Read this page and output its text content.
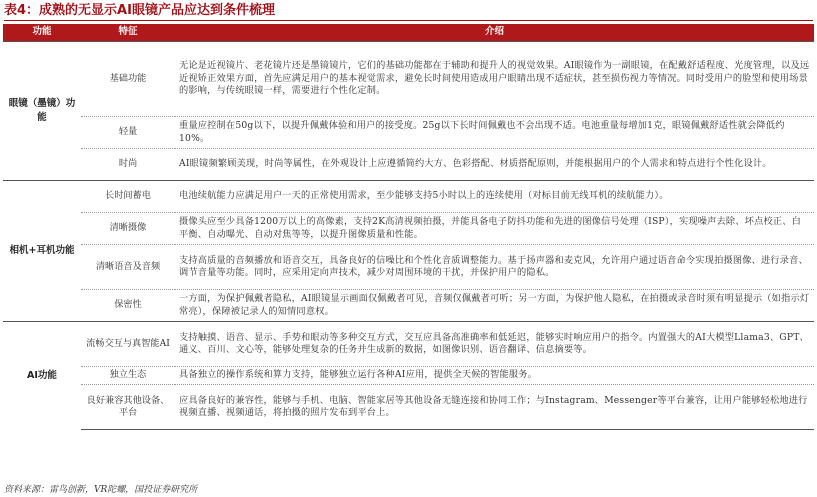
表4：成熟的无显示AI眼镜产品应达到条件梳理
功能	特征	介绍
眼镜（墨镜）功能	基础功能	无论是近视镜片、老花镜片还是墨镜镜片，它们的基础功能都在于辅助和提升人的视觉效果。AI眼镜作为一副眼镜，在配戴舒适程度、光度管理，以及远近视矫正效果方面，首先应满足用户的基本视觉需求，避免长时间使用造成用户眼睛出现不适症状，甚至损伤视力等情况。同时受用户的脸型和使用场景的影响，与传统眼镜一样，需要进行个性化定制。
	轻量	重量应控制在50g以下，以提升佩戴体验和用户的接受度。25g以下长时间佩戴也不会出现不适。电池重量每增加1克，眼镜佩戴舒适性就会降低约10%。
	时尚	AI眼镜频繁顾美现，时尚等属性，在外观设计上应遵循简约大方、色彩搭配、材质搭配原则，并能根据用户的个人需求和特点进行个性化设计。
相机+耳机功能	长时间蓄电	电池续航能力应满足用户一天的正常使用需求，至少能够支持5小时以上的连续使用（对标目前无线耳机的续航能力）。
	清晰摄像	摄像头应至少具备1200万以上的高像素，支持2K高清视频拍摄，并能具备电子防抖功能和先进的图像信号处理（ISP），实现噪声去除、坏点校正、白平衡、自动曝光、自动对焦等等，以提升图像质量和性能。
	清晰语音及音频	支持高质量的音频播放和语音交互，具备良好的信噪比和个性化音质调整能力。基于扬声器和麦克风，允许用户通过语音命令实现拍摄图像、进行录音、调节音量等功能。同时，应采用定向声技术，减少对周围环境的干扰，并保护用户的隐私。
	保密性	一方面，为保护佩戴者隐私，AI眼镜显示画面仅佩戴者可见，音频仅佩戴者可听；另一方面，为保护他人隐私，在拍摄或录音时须有明显提示（如指示灯常亮），保障被记录人的知情同意权。
AI功能	流畅交互与真智能AI	支持触摸、语音、显示、手势和眼动等多种交互方式，交互应具备高准确率和低延迟，能够实时响应用户的指令。内置强大的AI大模型Llama3、GPT、通义、百川、文心等，能够处理复杂的任务并生成新的数据，如图像识别、语音翻译、信息摘要等。
	独立生态	具备独立的操作系统和算力支持，能够独立运行各种AI应用，提供全天候的智能服务。
	良好兼容其他设备、平台	应具备良好的兼容性，能够与手机、电脑、智能家居等其他设备无缝连接和协同工作；与Instagram、Messenger等平台兼容，让用户能够轻松地进行视频直播、视频通话，将拍摄的照片发布到平台上。
资料来源：雷鸟创新，VR陀螺，国投证券研究所
